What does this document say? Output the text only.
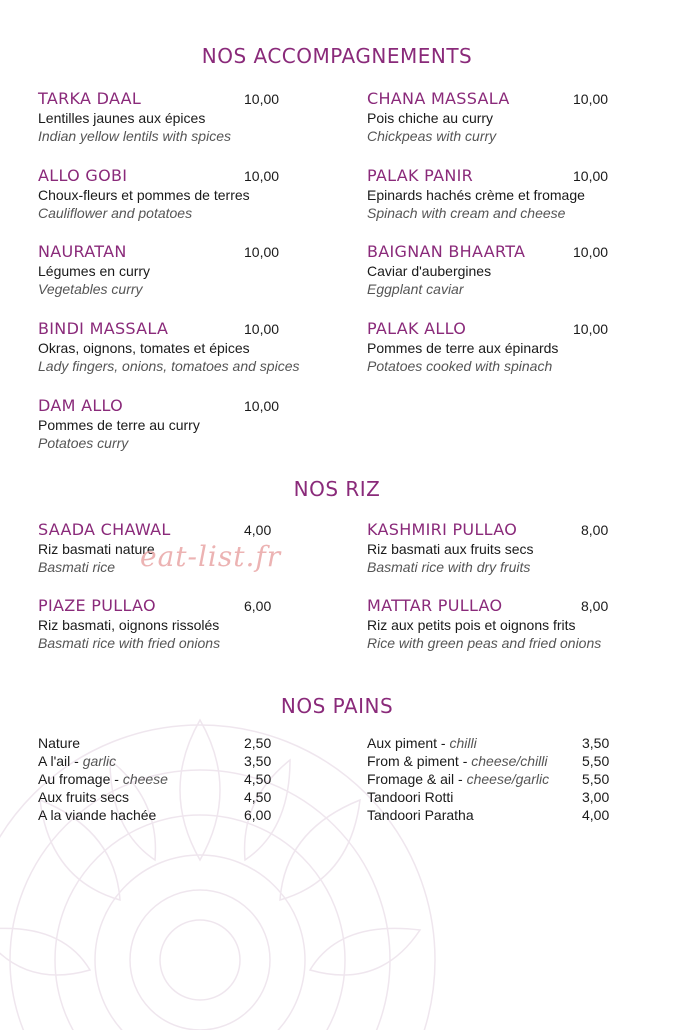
NOS ACCOMPAGNEMENTS
TARKA DAAL	10,00
Lentilles jaunes aux épices
Indian yellow lentils with spices
CHANA MASSALA	10,00
Pois chiche au curry
Chickpeas with curry
ALLO GOBI	10,00
Choux-fleurs et pommes de terres
Cauliflower and potatoes
PALAK PANIR	10,00
Epinards hachés crème et fromage
Spinach with cream and cheese
NAURATAN	10,00
Légumes en curry
Vegetables curry
BAIGNAN BHAARTA	10,00
Caviar d'aubergines
Eggplant caviar
BINDI MASSALA	10,00
Okras, oignons, tomates et épices
Lady fingers, onions, tomatoes and spices
PALAK ALLO	10,00
Pommes de terre aux épinards
Potatoes cooked with spinach
DAM ALLO	10,00
Pommes de terre au curry
Potatoes curry
NOS RIZ
SAADA CHAWAL	4,00
Riz basmati nature
Basmati rice
KASHMIRI PULLAO	8,00
Riz basmati aux fruits secs
Basmati rice with dry fruits
PIAZE PULLAO	6,00
Riz basmati, oignons rissolés
Basmati rice with fried onions
MATTAR PULLAO	8,00
Riz aux petits pois et oignons frits
Rice with green peas and fried onions
eat-list.fr
NOS PAINS
Nature	2,50
A l'ail - garlic	3,50
Au fromage - cheese	4,50
Aux fruits secs	4,50
A la viande hachée	6,00
Aux piment - chilli	3,50
From & piment - cheese/chilli 5,50
Fromage & ail - cheese/garlic 5,50
Tandoori Rotti	3,00
Tandoori Paratha	4,00
